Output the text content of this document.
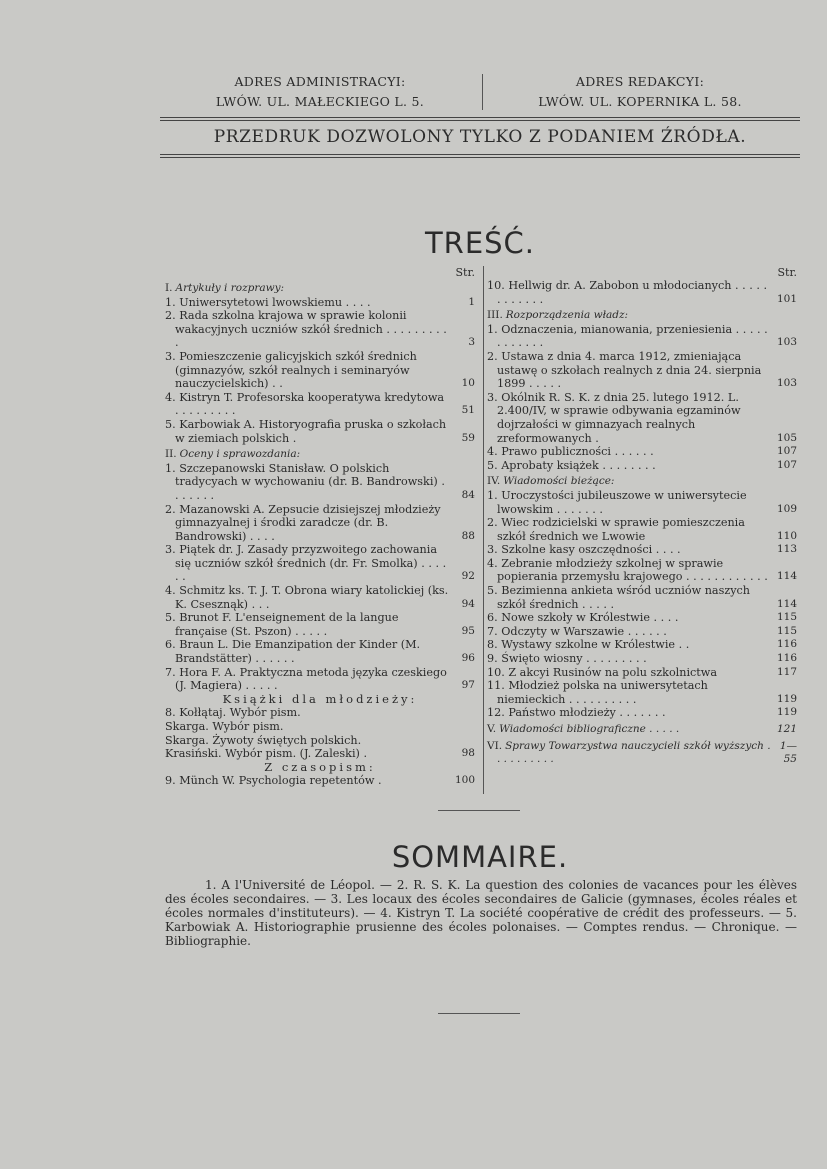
ADRES ADMINISTRACYI:
LWÓW. UL. MAŁECKIEGO L. 5.
ADRES REDAKCYI:
LWÓW. UL. KOPERNIKA L. 58.
PRZEDRUK DOZWOLONY TYLKO Z PODANIEM ŹRÓDŁA.
TREŚĆ.
Str.
I. Artykuły i rozprawy:
1. Uniwersytetowi lwowskiemu . . . .	1
2. Rada szkolna krajowa w sprawie kolonii wakacyjnych uczniów szkół średnich . . . . . . . . . .	3
3. Pomieszczenie galicyjskich szkół średnich (gimnazyów, szkół realnych i seminaryów nauczycielskich) . .	10
4. Kistryn T. Profesorska kooperatywa kredytowa . . . . . . . . .	51
5. Karbowiak A. Historyografia pruska o szkołach w ziemiach polskich .	59
II. Oceny i sprawozdania:
1. Szczepanowski Stanisław. O polskich tradycyach w wychowaniu (dr. B. Bandrowski) . . . . . . .	84
2. Mazanowski A. Zepsucie dzisiejszej młodzieży gimnazyalnej i środki zaradcze (dr. B. Bandrowski) . . . .	88
3. Piątek dr. J. Zasady przyzwoitego zachowania się uczniów szkół średnich (dr. Fr. Smolka) . . . . . .	92
4. Schmitz ks. T. J. T. Obrona wiary katolickiej (ks. K. Csesznąk) . . .	94
5. Brunot F. L'enseignement de la langue française (St. Pszon) . . . . .	95
6. Braun L. Die Emanzipation der Kinder (M. Brandstätter) . . . . . .	96
7. Hora F. A. Praktyczna metoda języka czeskiego (J. Magiera) . . . . .	97
Książki dla młodzieży:
8. Kołłątaj. Wybór pism.
Skarga. Wybór pism.
Skarga. Żywoty świętych polskich.
Krasiński. Wybór pism. (J. Zaleski) .	98
Z czasopism:
9. Münch W. Psychologia repetentów .	100
Str.
10. Hellwig dr. A. Zabobon u młodocianych . . . . . . . . . . . .	101
III. Rozporządzenia władz:
1. Odznaczenia, mianowania, przeniesienia . . . . . . . . . . . .	103
2. Ustawa z dnia 4. marca 1912, zmieniająca ustawę o szkołach realnych z dnia 24. sierpnia 1899 . . . . .	103
3. Okólnik R. S. K. z dnia 25. lutego 1912. L. 2.400/IV, w sprawie odbywania egzaminów dojrzałości w gimnazyach realnych zreformowanych .	105
4. Prawo publiczności . . . . . .	107
5. Aprobaty książek . . . . . . . .	107
IV. Wiadomości bieżące:
1. Uroczystości jubileuszowe w uniwersytecie lwowskim . . . . . . .	109
2. Wiec rodzicielski w sprawie pomieszczenia szkół średnich we Lwowie	110
3. Szkolne kasy oszczędności . . . .	113
4. Zebranie młodzieży szkolnej w sprawie popierania przemysłu krajowego . . . . . . . . . . . . 114
5. Bezimienna ankieta wśród uczniów naszych szkół średnich . . . . .	114
6. Nowe szkoły w Królestwie . . . .	115
7. Odczyty w Warszawie . . . . . .	115
8. Wystawy szkolne w Królestwie . .	116
9. Święto wiosny . . . . . . . . .	116
10. Z akcyi Rusinów na polu szkolnictwa	117
11. Młodzież polska na uniwersytetach niemieckich . . . . . . . . . .	119
12. Państwo młodzieży . . . . . . .	119
V. Wiadomości bibliograficzne . . . . .	121
VI. Sprawy Towarzystwa nauczycieli szkół wyższych . . . . . . . . . .
1—55
SOMMAIRE.
1. A l'Université de Léopol. — 2. R. S. K. La question des colonies de vacances pour les élèves des écoles secondaires. — 3. Les locaux des écoles secondaires de Galicie (gymnases, écoles réales et écoles normales d'instituteurs). — 4. Kistryn T. La société coopérative de crédit des professeurs. — 5. Karbowiak A. Historiographie prusienne des écoles polonaises. — Comptes rendus. — Chronique. — Bibliographie.
